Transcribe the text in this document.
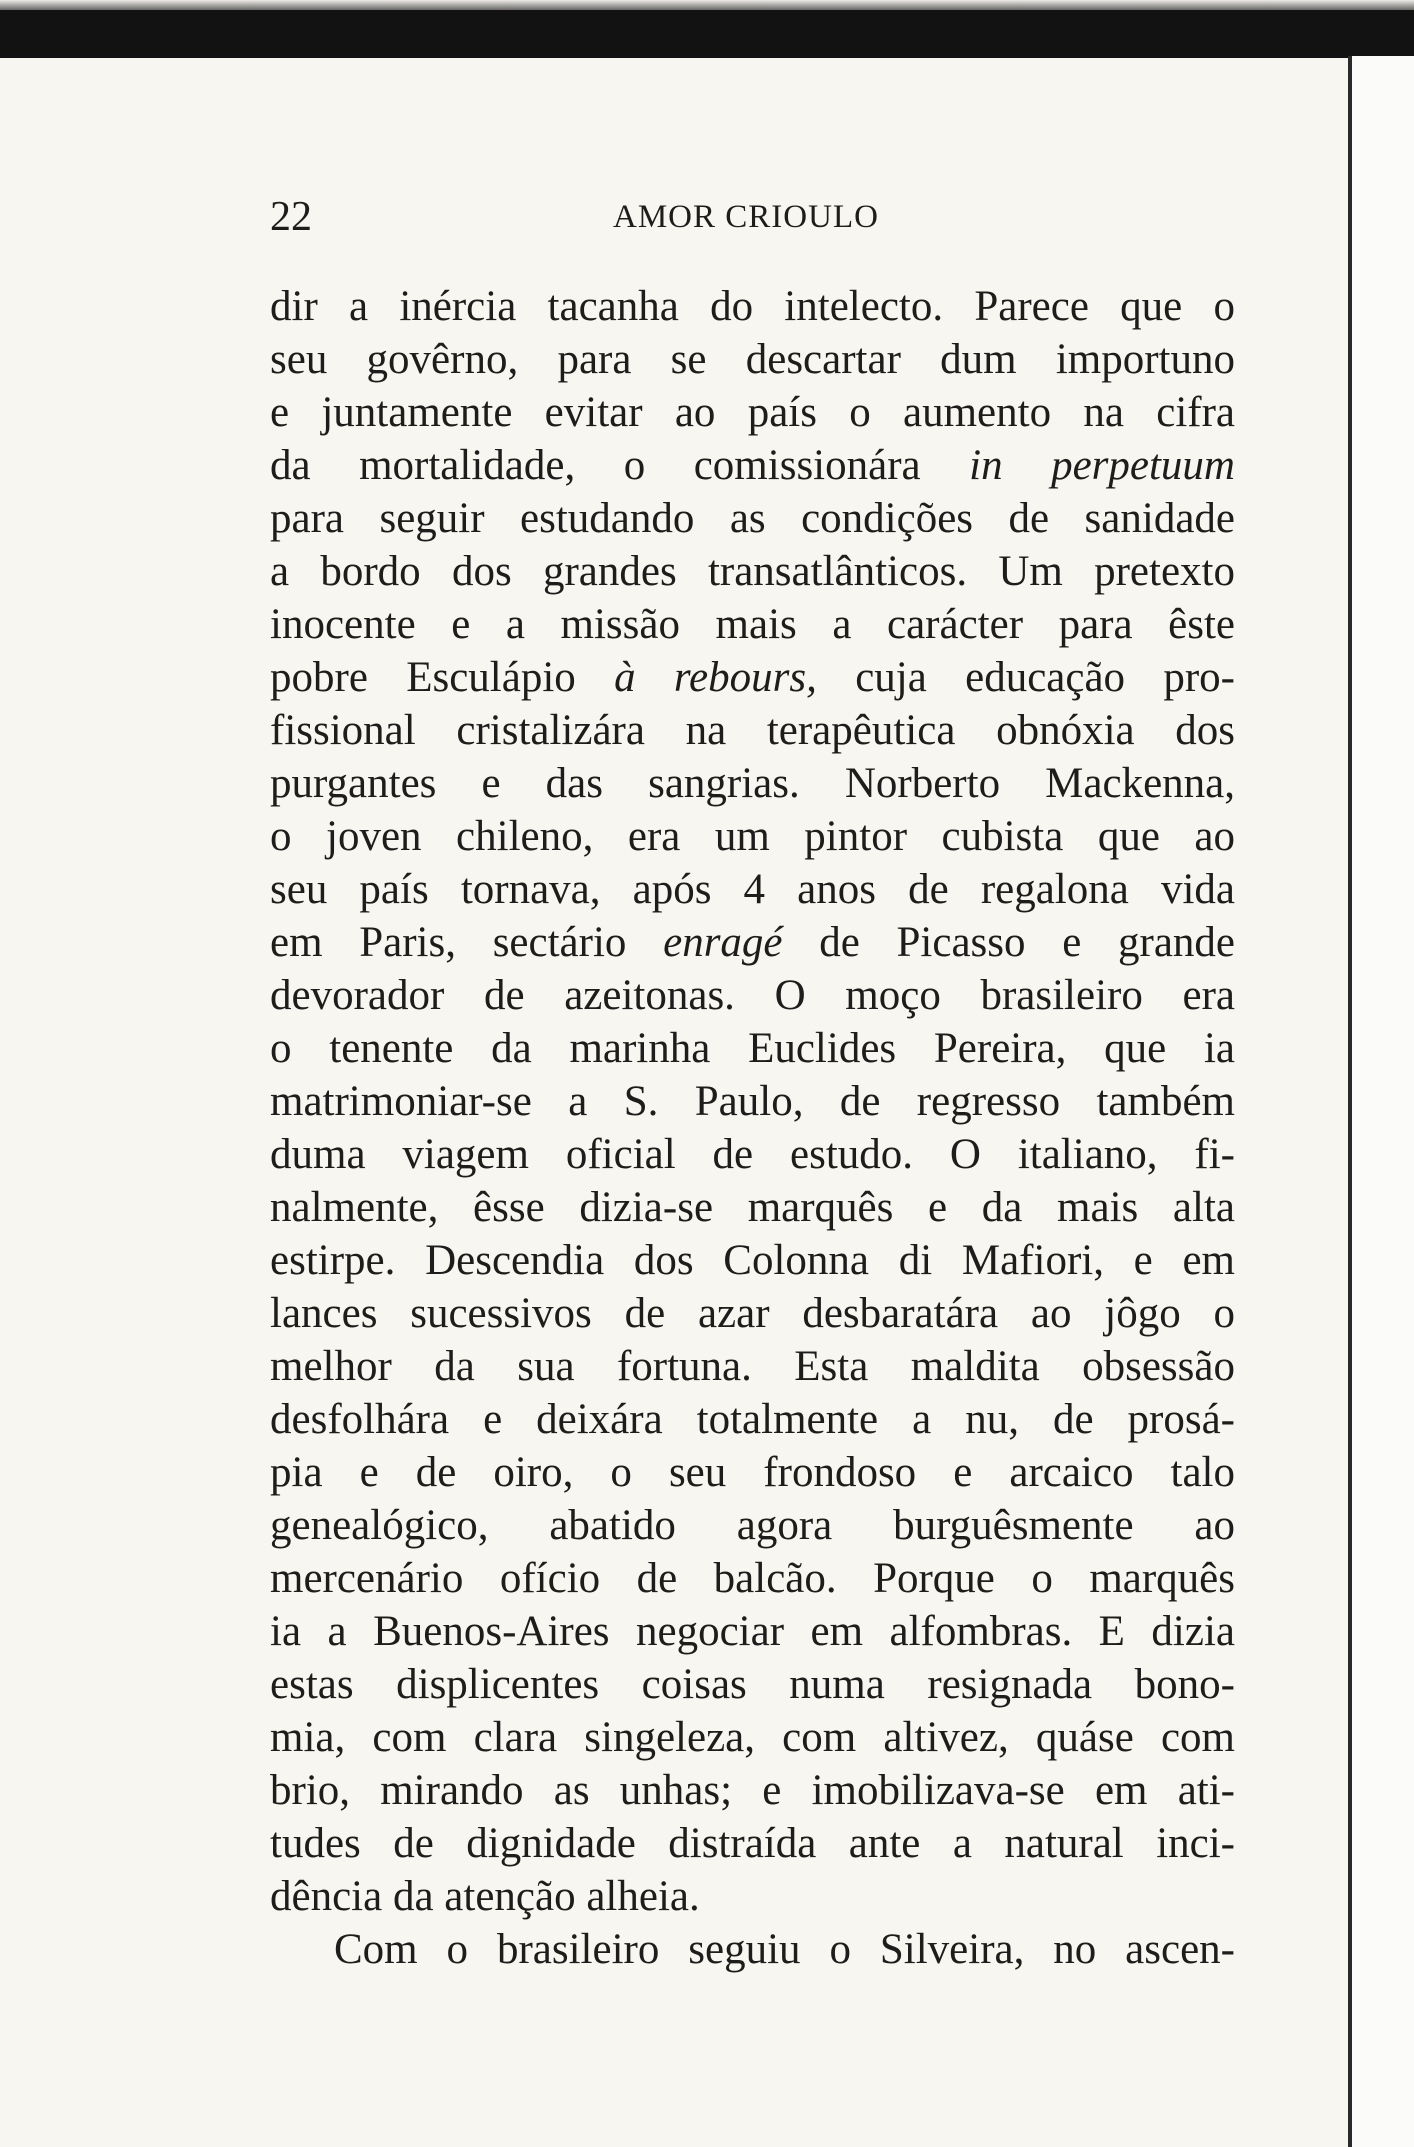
22	AMOR CRIOULO
dir a inércia tacanha do intelecto. Parece que o
seu govêrno, para se descartar dum importuno
e juntamente evitar ao país o aumento na cifra
da mortalidade, o comissionára in perpetuum
para seguir estudando as condições de sanidade
a bordo dos grandes transatlânticos. Um pretexto
inocente e a missão mais a carácter para êste
pobre Esculápio à rebours, cuja educação pro-
fissional cristalizára na terapêutica obnóxia dos
purgantes e das sangrias. Norberto Mackenna,
o joven chileno, era um pintor cubista que ao
seu país tornava, após 4 anos de regalona vida
em Paris, sectário enragé de Picasso e grande
devorador de azeitonas. O moço brasileiro era
o tenente da marinha Euclides Pereira, que ia
matrimoniar-se a S. Paulo, de regresso também
duma viagem oficial de estudo. O italiano, fi-
nalmente, êsse dizia-se marquês e da mais alta
estirpe. Descendia dos Colonna di Mafiori, e em
lances sucessivos de azar desbaratára ao jôgo o
melhor da sua fortuna. Esta maldita obsessão
desfolhára e deixára totalmente a nu, de prosá-
pia e de oiro, o seu frondoso e arcaico talo
genealógico, abatido agora burguêsmente ao
mercenário ofício de balcão. Porque o marquês
ia a Buenos-Aires negociar em alfombras. E dizia
estas displicentes coisas numa resignada bono-
mia, com clara singeleza, com altivez, quáse com
brio, mirando as unhas; e imobilizava-se em ati-
tudes de dignidade distraída ante a natural inci-
dência da atenção alheia.
Com o brasileiro seguiu o Silveira, no ascen-
